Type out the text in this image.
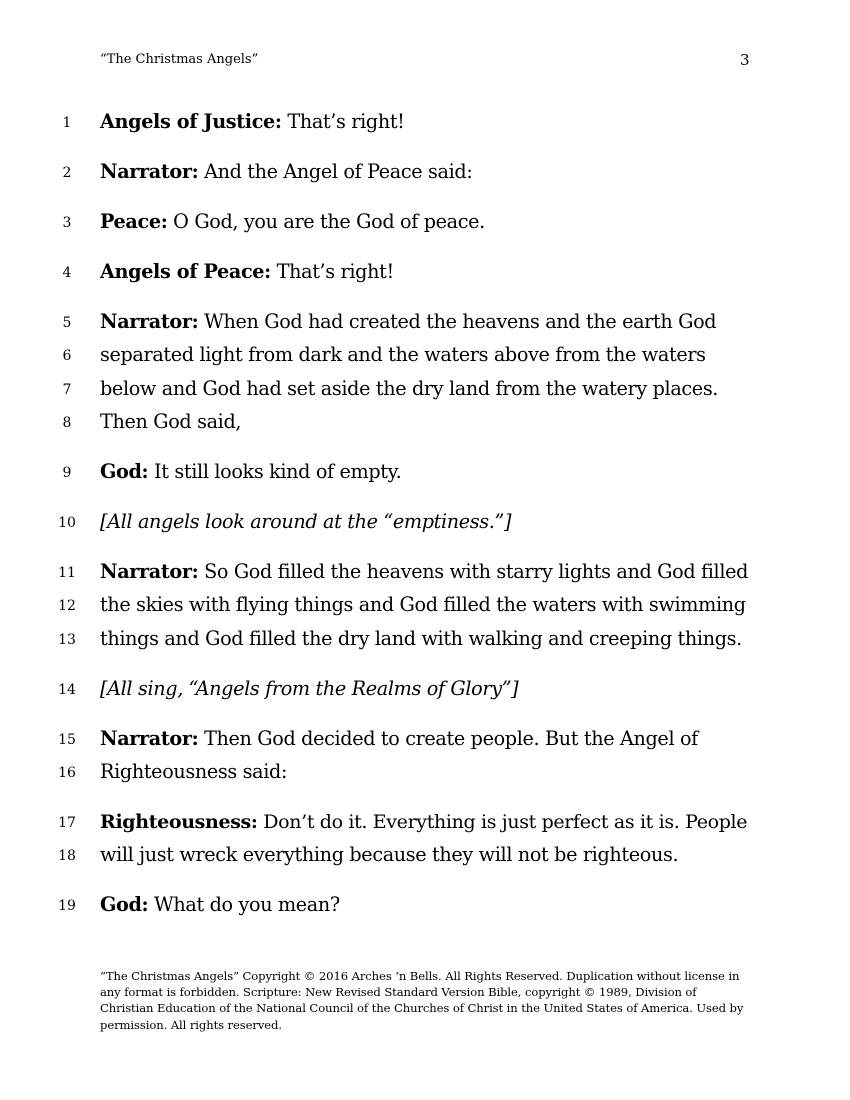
“The Christmas Angels”	3
1	Angels of Justice: That’s right!
2	Narrator: And the Angel of Peace said:
3	Peace: O God, you are the God of peace.
4	Angels of Peace: That’s right!
5	Narrator: When God had created the heavens and the earth God
6	separated light from dark and the waters above from the waters
7	below and God had set aside the dry land from the watery places.
8	Then God said,
9	God: It still looks kind of empty.
10 [All angels look around at the “emptiness.”]
11 Narrator: So God filled the heavens with starry lights and God filled
12 the skies with flying things and God filled the waters with swimming
13 things and God filled the dry land with walking and creeping things.
14 [All sing, “Angels from the Realms of Glory”]
15 Narrator: Then God decided to create people. But the Angel of
16 Righteousness said:
17 Righteousness: Don’t do it. Everything is just perfect as it is. People
18 will just wreck everything because they will not be righteous.
19 God: What do you mean?
“The Christmas Angels” Copyright © 2016 Arches ‘n Bells. All Rights Reserved. Duplication without license in any format is forbidden. Scripture: New Revised Standard Version Bible, copyright © 1989, Division of Christian Education of the National Council of the Churches of Christ in the United States of America. Used by permission. All rights reserved.
